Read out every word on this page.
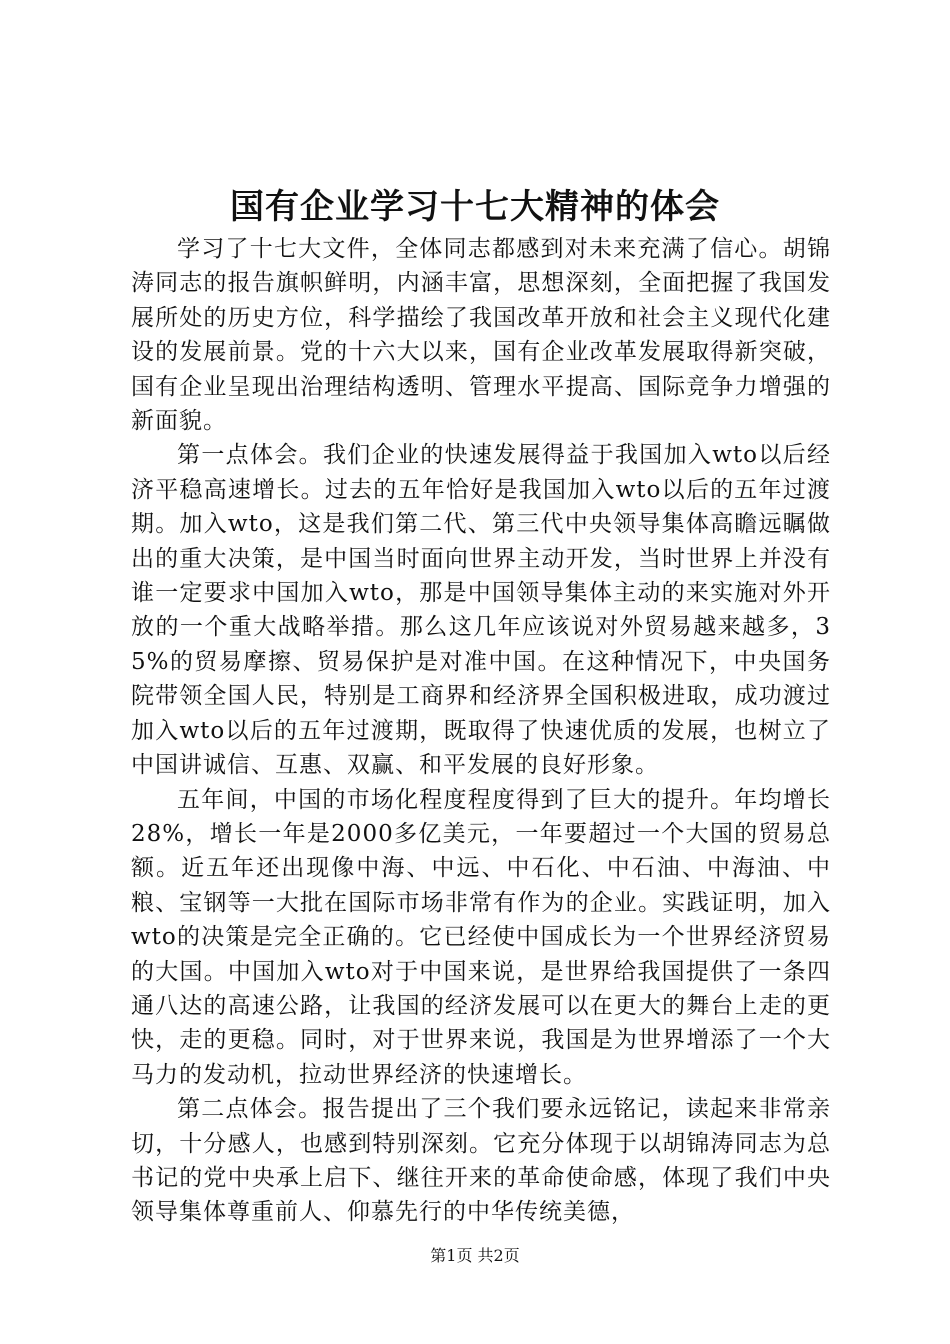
国有企业学习十七大精神的体会

学习了十七大文件，全体同志都感到对未来充满了信心。胡锦涛同志的报告旗帜鲜明，内涵丰富，思想深刻，全面把握了我国发展所处的历史方位，科学描绘了我国改革开放和社会主义现代化建设的发展前景。党的十六大以来，国有企业改革发展取得新突破，国有企业呈现出治理结构透明、管理水平提高、国际竞争力增强的新面貌。

第一点体会。我们企业的快速发展得益于我国加入wto以后经济平稳高速增长。过去的五年恰好是我国加入wto以后的五年过渡期。加入wto，这是我们第二代、第三代中央领导集体高瞻远瞩做出的重大决策，是中国当时面向世界主动开发，当时世界上并没有谁一定要求中国加入wto，那是中国领导集体主动的来实施对外开放的一个重大战略举措。那么这几年应该说对外贸易越来越多，35%的贸易摩擦、贸易保护是对准中国。在这种情况下，中央国务院带领全国人民，特别是工商界和经济界全国积极进取，成功渡过加入wto以后的五年过渡期，既取得了快速优质的发展，也树立了中国讲诚信、互惠、双赢、和平发展的良好形象。

五年间，中国的市场化程度程度得到了巨大的提升。年均增长28%，增长一年是2000多亿美元，一年要超过一个大国的贸易总额。近五年还出现像中海、中远、中石化、中石油、中海油、中粮、宝钢等一大批在国际市场非常有作为的企业。实践证明，加入wto的决策是完全正确的。它已经使中国成长为一个世界经济贸易的大国。中国加入wto对于中国来说，是世界给我国提供了一条四通八达的高速公路，让我国的经济发展可以在更大的舞台上走的更快，走的更稳。同时，对于世界来说，我国是为世界增添了一个大马力的发动机，拉动世界经济的快速增长。

第二点体会。报告提出了三个我们要永远铭记，读起来非常亲切，十分感人，也感到特别深刻。它充分体现于以胡锦涛同志为总书记的党中央承上启下、继往开来的革命使命感，体现了我们中央领导集体尊重前人、仰慕先行的中华传统美德，

第1页 共2页
